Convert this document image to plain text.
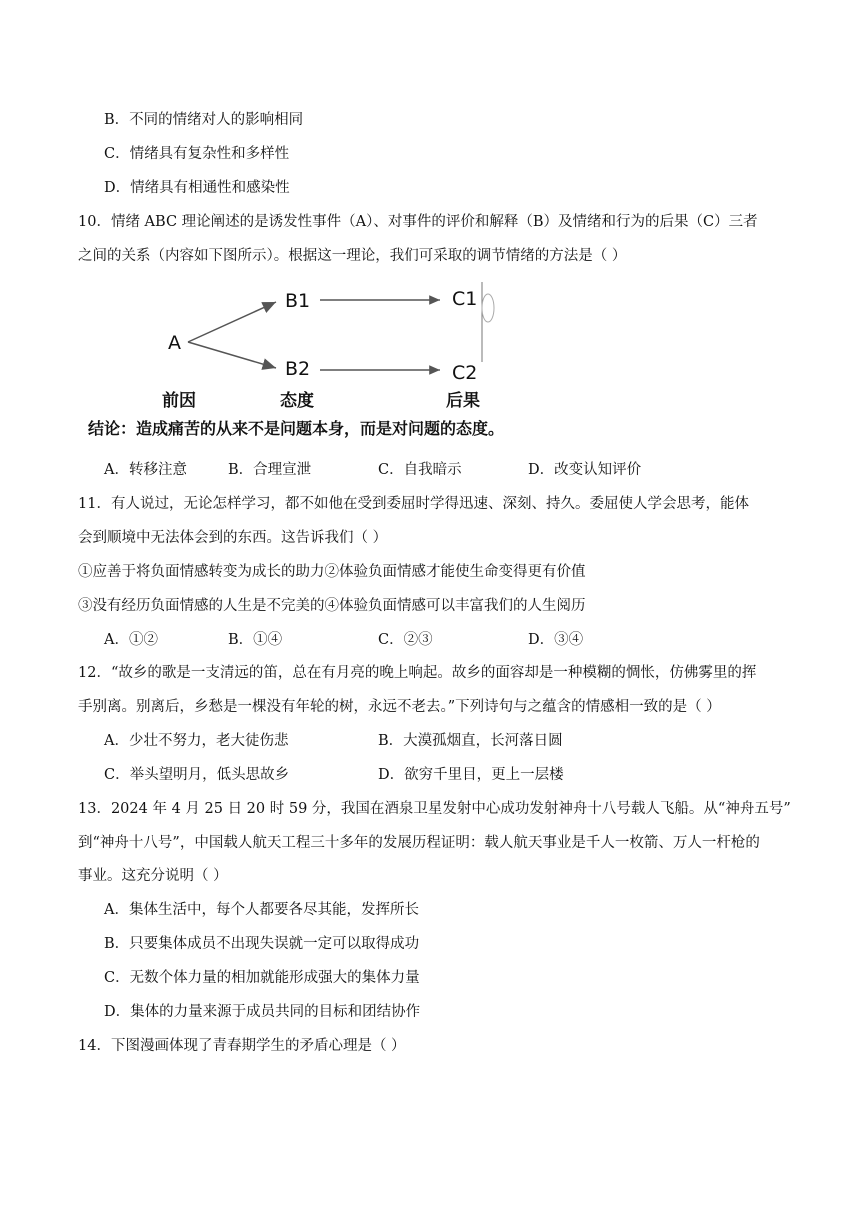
B．不同的情绪对人的影响相同
C．情绪具有复杂性和多样性
D．情绪具有相通性和感染性
10．情绪 ABC 理论阐述的是诱发性事件（A）、对事件的评价和解释（B）及情绪和行为的后果（C）三者
之间的关系（内容如下图所示）。根据这一理论，我们可采取的调节情绪的方法是（ ）
A
B1
B2
C1
C2
前因	态度	后果
结论：造成痛苦的从来不是问题本身，而是对问题的态度。
A．转移注意	B．合理宣泄	C．自我暗示	D．改变认知评价
11．有人说过，无论怎样学习，都不如他在受到委屈时学得迅速、深刻、持久。委屈使人学会思考，能体
会到顺境中无法体会到的东西。这告诉我们（ ）
①应善于将负面情感转变为成长的助力②体验负面情感才能使生命变得更有价值
③没有经历负面情感的人生是不完美的④体验负面情感可以丰富我们的人生阅历
A．①②	B．①④	C．②③	D．③④
12．“故乡的歌是一支清远的笛，总在有月亮的晚上响起。故乡的面容却是一种模糊的惆怅，仿佛雾里的挥
手别离。别离后，乡愁是一棵没有年轮的树，永远不老去。”下列诗句与之蕴含的情感相一致的是（ ）
A．少壮不努力，老大徒伤悲	B．大漠孤烟直，长河落日圆
C．举头望明月，低头思故乡	D．欲穷千里目，更上一层楼
13．2024 年 4 月 25 日 20 时 59 分，我国在酒泉卫星发射中心成功发射神舟十八号载人飞船。从“神舟五号”
到“神舟十八号”，中国载人航天工程三十多年的发展历程证明：载人航天事业是千人一枚箭、万人一杆枪的
事业。这充分说明（ ）
A．集体生活中，每个人都要各尽其能，发挥所长
B．只要集体成员不出现失误就一定可以取得成功
C．无数个体力量的相加就能形成强大的集体力量
D．集体的力量来源于成员共同的目标和团结协作
14．下图漫画体现了青春期学生的矛盾心理是（ ）
